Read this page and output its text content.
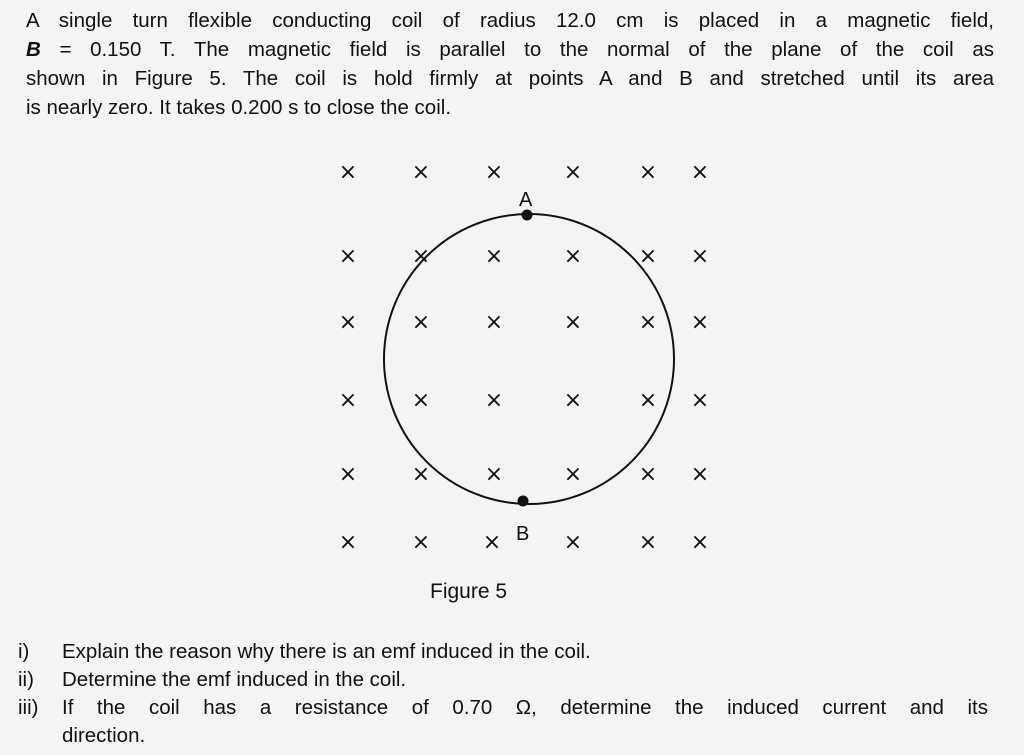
A single turn flexible conducting coil of radius 12.0 cm is placed in a magnetic field,
B = 0.150 T. The magnetic field is parallel to the normal of the plane of the coil as
shown in Figure 5. The coil is hold firmly at points A and B and stretched until its area
is nearly zero. It takes 0.200 s to close the coil.

× × ×	×	× ×
× × ×	×	× ×
× × ×	×	× ×
× × ×	×	× ×
× × ×	×	× ×
× × ×	×	× ×
A
B

Figure 5

i) Explain the reason why there is an emf induced in the coil.
ii) Determine the emf induced in the coil.
iii) If the coil has a resistance of 0.70 Ω, determine the induced current and its
direction.
